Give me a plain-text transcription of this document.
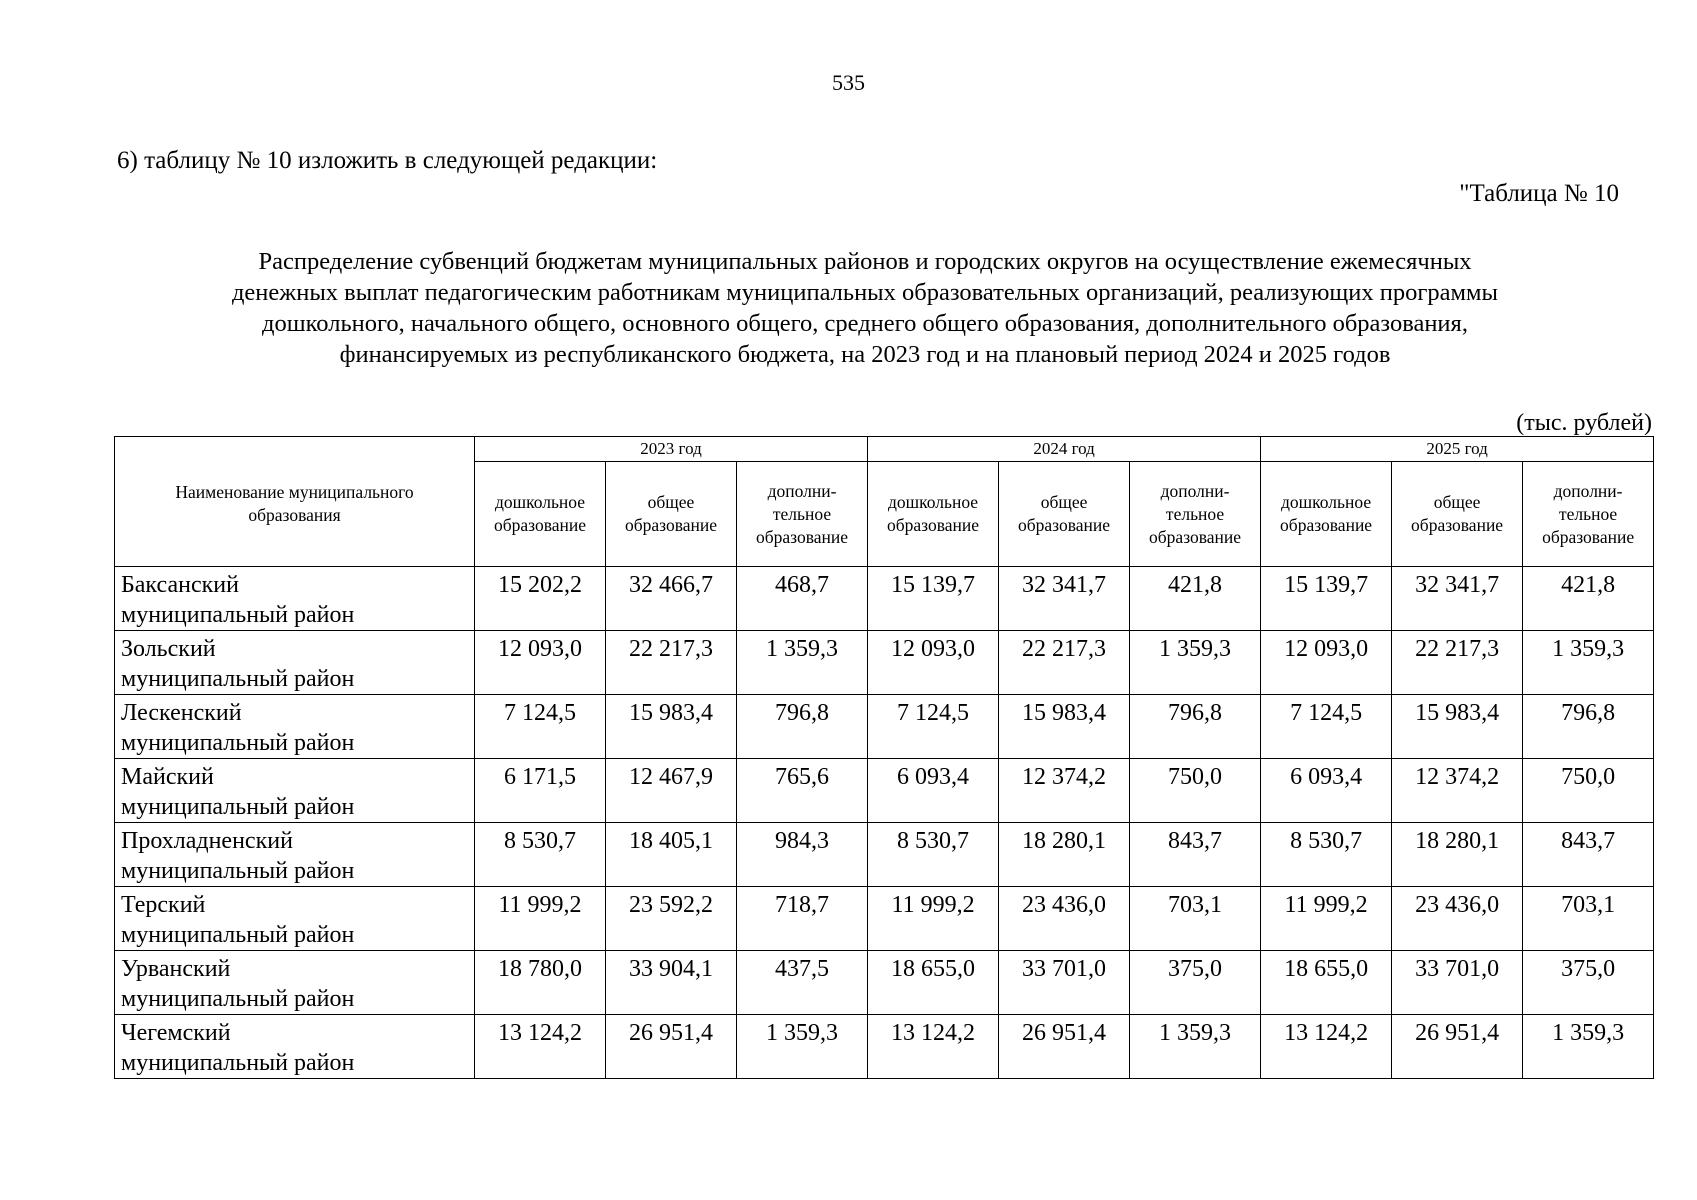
535
6) таблицу № 10 изложить в следующей редакции:
"Таблица № 10
Распределение субвенций бюджетам муниципальных районов и городских округов на осуществление ежемесячных
денежных выплат педагогическим работникам муниципальных образовательных организаций, реализующих программы
дошкольного, начального общего, основного общего, среднего общего образования, дополнительного образования,
финансируемых из республиканского бюджета, на 2023 год и на плановый период 2024 и 2025 годов
(тыс. рублей)
Наименование муниципального
образования	2023 год			2024 год			2025 год		

	дошкольное
образование	общее
образование	дополни-
тельное
образование	дошкольное
образование	общее
образование	дополни-
тельное
образование	дошкольное
образование	общее
образование	дополни-
тельное
образование

Баксанский
муниципальный район	15 202,2	32 466,7	468,7	15 139,7	32 341,7	421,8	15 139,7	32 341,7	421,8

Зольский
муниципальный район	12 093,0	22 217,3	1 359,3	12 093,0	22 217,3	1 359,3	12 093,0	22 217,3	1 359,3

Лескенский
муниципальный район	7 124,5	15 983,4	796,8	7 124,5	15 983,4	796,8	7 124,5	15 983,4	796,8

Майский
муниципальный район	6 171,5	12 467,9	765,6	6 093,4	12 374,2	750,0	6 093,4	12 374,2	750,0

Прохладненский
муниципальный район	8 530,7	18 405,1	984,3	8 530,7	18 280,1	843,7	8 530,7	18 280,1	843,7

Терский
муниципальный район	11 999,2	23 592,2	718,7	11 999,2	23 436,0	703,1	11 999,2	23 436,0	703,1

Урванский
муниципальный район	18 780,0	33 904,1	437,5	18 655,0	33 701,0	375,0	18 655,0	33 701,0	375,0

Чегемский
муниципальный район	13 124,2	26 951,4	1 359,3	13 124,2	26 951,4	1 359,3	13 124,2	26 951,4	1 359,3
